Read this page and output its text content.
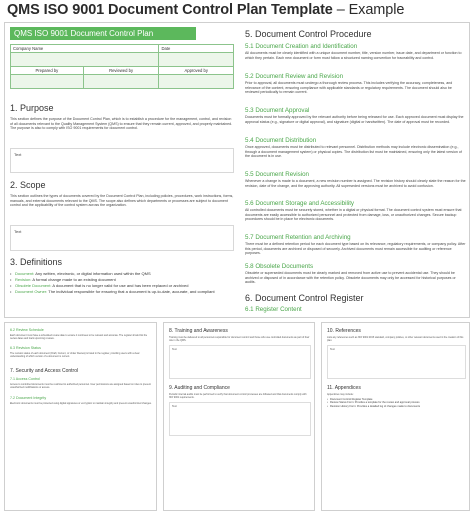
QMS ISO 9001 Document Control Plan Template – Example
QMS ISO 9001 Document Control Plan
Company Name		Date

Prepared by	Reviewed by	Approved by

1. Purpose
This section defines the purpose of the Document Control Plan, which is to establish a procedure for the management, control, and revision of all documents relevant to the Quality Management System (QMS) to ensure that they remain current, approved, and properly maintained. The purpose is also to comply with ISO 9001 requirements for document control.
Text
2. Scope
This section outlines the types of documents covered by the Document Control Plan, including policies, procedures, work instructions, forms, manuals, and external documents relevant to the QMS. The scope also defines which departments or processes are subject to document control and the applicability of the control system across the organization.
Text
3. Definitions
• Document: Any written, electronic, or digital information used within the QMS
• Revision: A formal change made to an existing document
• Obsolete Document: A document that is no longer valid for use and has been replaced or archived
• Document Owner: The individual responsible for ensuring that a document is up-to-date, accurate, and compliant
5. Document Control Procedure
5.1 Document Creation and Identification
All documents must be clearly identified with a unique document number, title, version number, issue date, and department or function to which they pertain. Each new document or form must follow a structured naming convention for traceability and control.
5.2 Document Review and Revision
Prior to approval, all documents must undergo a thorough review process. This includes verifying the accuracy, completeness, and relevance of the content, ensuring compliance with applicable standards or regulatory requirements. The document should also be reviewed periodically to remain current.
5.3 Document Approval
Documents must be formally approved by the relevant authority before being released for use. Each approved document must display the approval status (e.g., signature or digital approval), and signature (digital or handwritten). The date of approval must be recorded.
5.4 Document Distribution
Once approved, documents must be distributed to relevant personnel. Distribution methods may include electronic dissemination (e.g., through a document management system) or physical copies. The distribution list must be maintained, ensuring only the latest version of the document is in use.
5.5 Document Revision
Whenever a change is made to a document, a new revision number is assigned. The revision history should clearly state the reason for the revision, date of the change, and the approving authority. All superseded versions must be archived to avoid confusion.
5.6 Document Storage and Accessibility
All controlled documents must be securely stored, whether in a digital or physical format. The document control system must ensure that documents are easily accessible to authorized personnel and protected from damage, loss, or unauthorized changes. Secure backup procedures should be in place for electronic documents.
5.7 Document Retention and Archiving
There must be a defined retention period for each document type based on its relevance, regulatory requirements, or company policy. After this period, documents are archived or disposed of securely. Archived documents must remain accessible for auditing or reference purposes.
5.8 Obsolete Documents
Obsolete or superseded documents must be clearly marked and removed from active use to prevent accidental use. They should be archived or disposed of in accordance with the retention policy. Obsolete documents may only be accessed for historical purposes or audits.
6. Document Control Register
6.1 Register Content
6.2 Review Schedule
Each document must have a scheduled review date to ensure it continues to be relevant and accurate. The register should list the review dates and track upcoming reviews.
6.3 Revision Status
The revision status of each document (Draft, Current, or Under Review) is listed in the register, providing users with a clear understanding of which version of a document is current.
7. Security and Access Control
7.1 Access Control
Access to controlled documents must be restricted to authorized personnel. User permissions are assigned based on roles to prevent unauthorized modifications or access.
7.2 Document Integrity
Electronic documents must be protected using digital signatures or encryption to maintain integrity and prevent unauthorized changes.
8. Training and Awareness
Training must be delivered to all personnel responsible for document control and those who use controlled documents as part of their role in the QMS.
Text
9. Auditing and Compliance
Periodic internal audits must be performed to verify that document control processes are followed and that documents comply with ISO 9001 requirements.
Text
10. References
Lists any references such as ISO 9001:2015 standard, company policies, or other relevant documents used in the creation of this plan.
Text
11. Appendices
Appendices may include:
• Document Control Register Template
• Review Status Form: Provides a template for the review and approval process
• Revision History Form: Provides a detailed log of changes made to documents
